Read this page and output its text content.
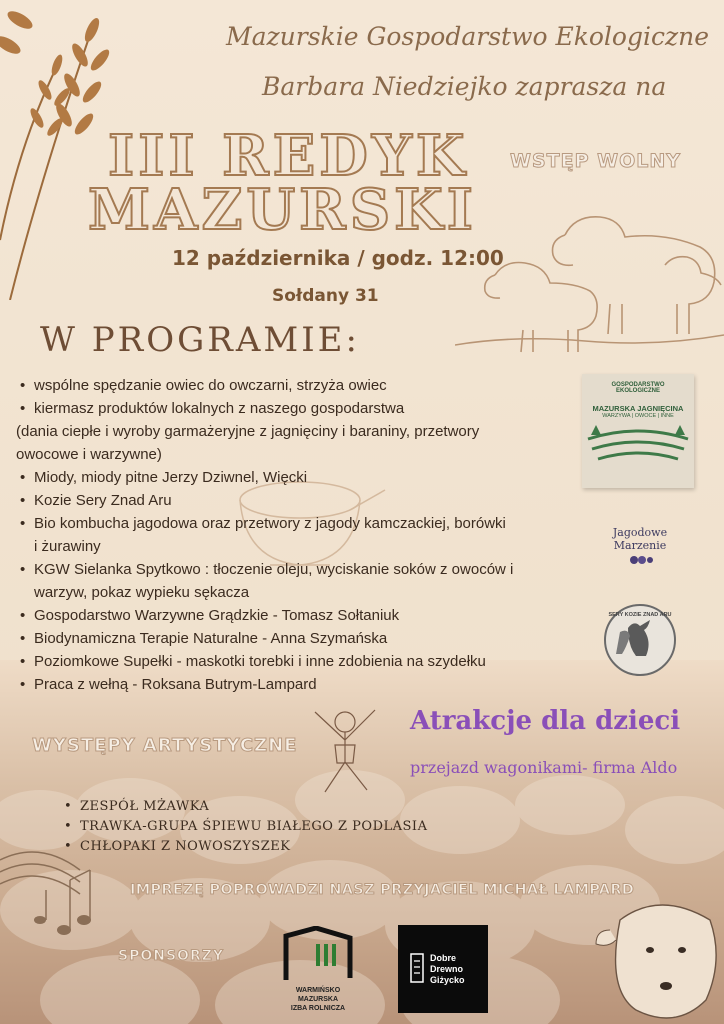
Mazurskie Gospodarstwo Ekologiczne
Barbara Niedziejko zaprasza na
III REDYK
MAZURSKI
WSTĘP WOLNY
12 października / godz. 12:00
Sołdany 31
W PROGRAMIE:
• wspólne spędzanie owiec do owczarni, strzyża owiec
• kiermasz produktów lokalnych z naszego gospodarstwa
(dania ciepłe i wyroby garmażeryjne z jagnięciny i baraniny, przetwory
owocowe i warzywne)
• Miody, miody pitne Jerzy Dziwnel, Więcki
• Kozie Sery Znad Aru
• Bio kombucha jagodowa oraz przetwory z jagody kamczackiej, borówki
i żurawiny
• KGW Sielanka Spytkowo : tłoczenie oleju, wyciskanie soków z owoców i
warzyw, pokaz wypieku sękacza
• Gospodarstwo Warzywne Grądzkie - Tomasz Sołtaniuk
• Biodynamiczna Terapie Naturalne - Anna Szymańska
• Poziomkowe Supełki - maskotki torebki i inne zdobienia na szydełku
• Praca z wełną - Roksana Butrym-Lampard
GOSPODARSTWO
EKOLOGICZNE
MAZURSKA JAGNIĘCINA
WARZYWA | OWOCE | INNE
Jagodowe Marzenie
SERY KOZIE ZNAD ARU
WYSTĘPY ARTYSTYCZNE
• ZESPÓŁ MŻAWKA
• TRAWKA-GRUPA ŚPIEWU BIAŁEGO Z PODLASIA
• CHŁOPAKI Z NOWOSZYSZEK
Atrakcje dla dzieci
przejazd wagonikami- firma Aldo
IMPREZĘ POPROWADZI NASZ PRZYJACIEL MICHAŁ LAMPARD
SPONSORZY
WARMIŃSKO
MAZURSKA
IZBA ROLNICZA
Dobre
Drewno
Giżycko
